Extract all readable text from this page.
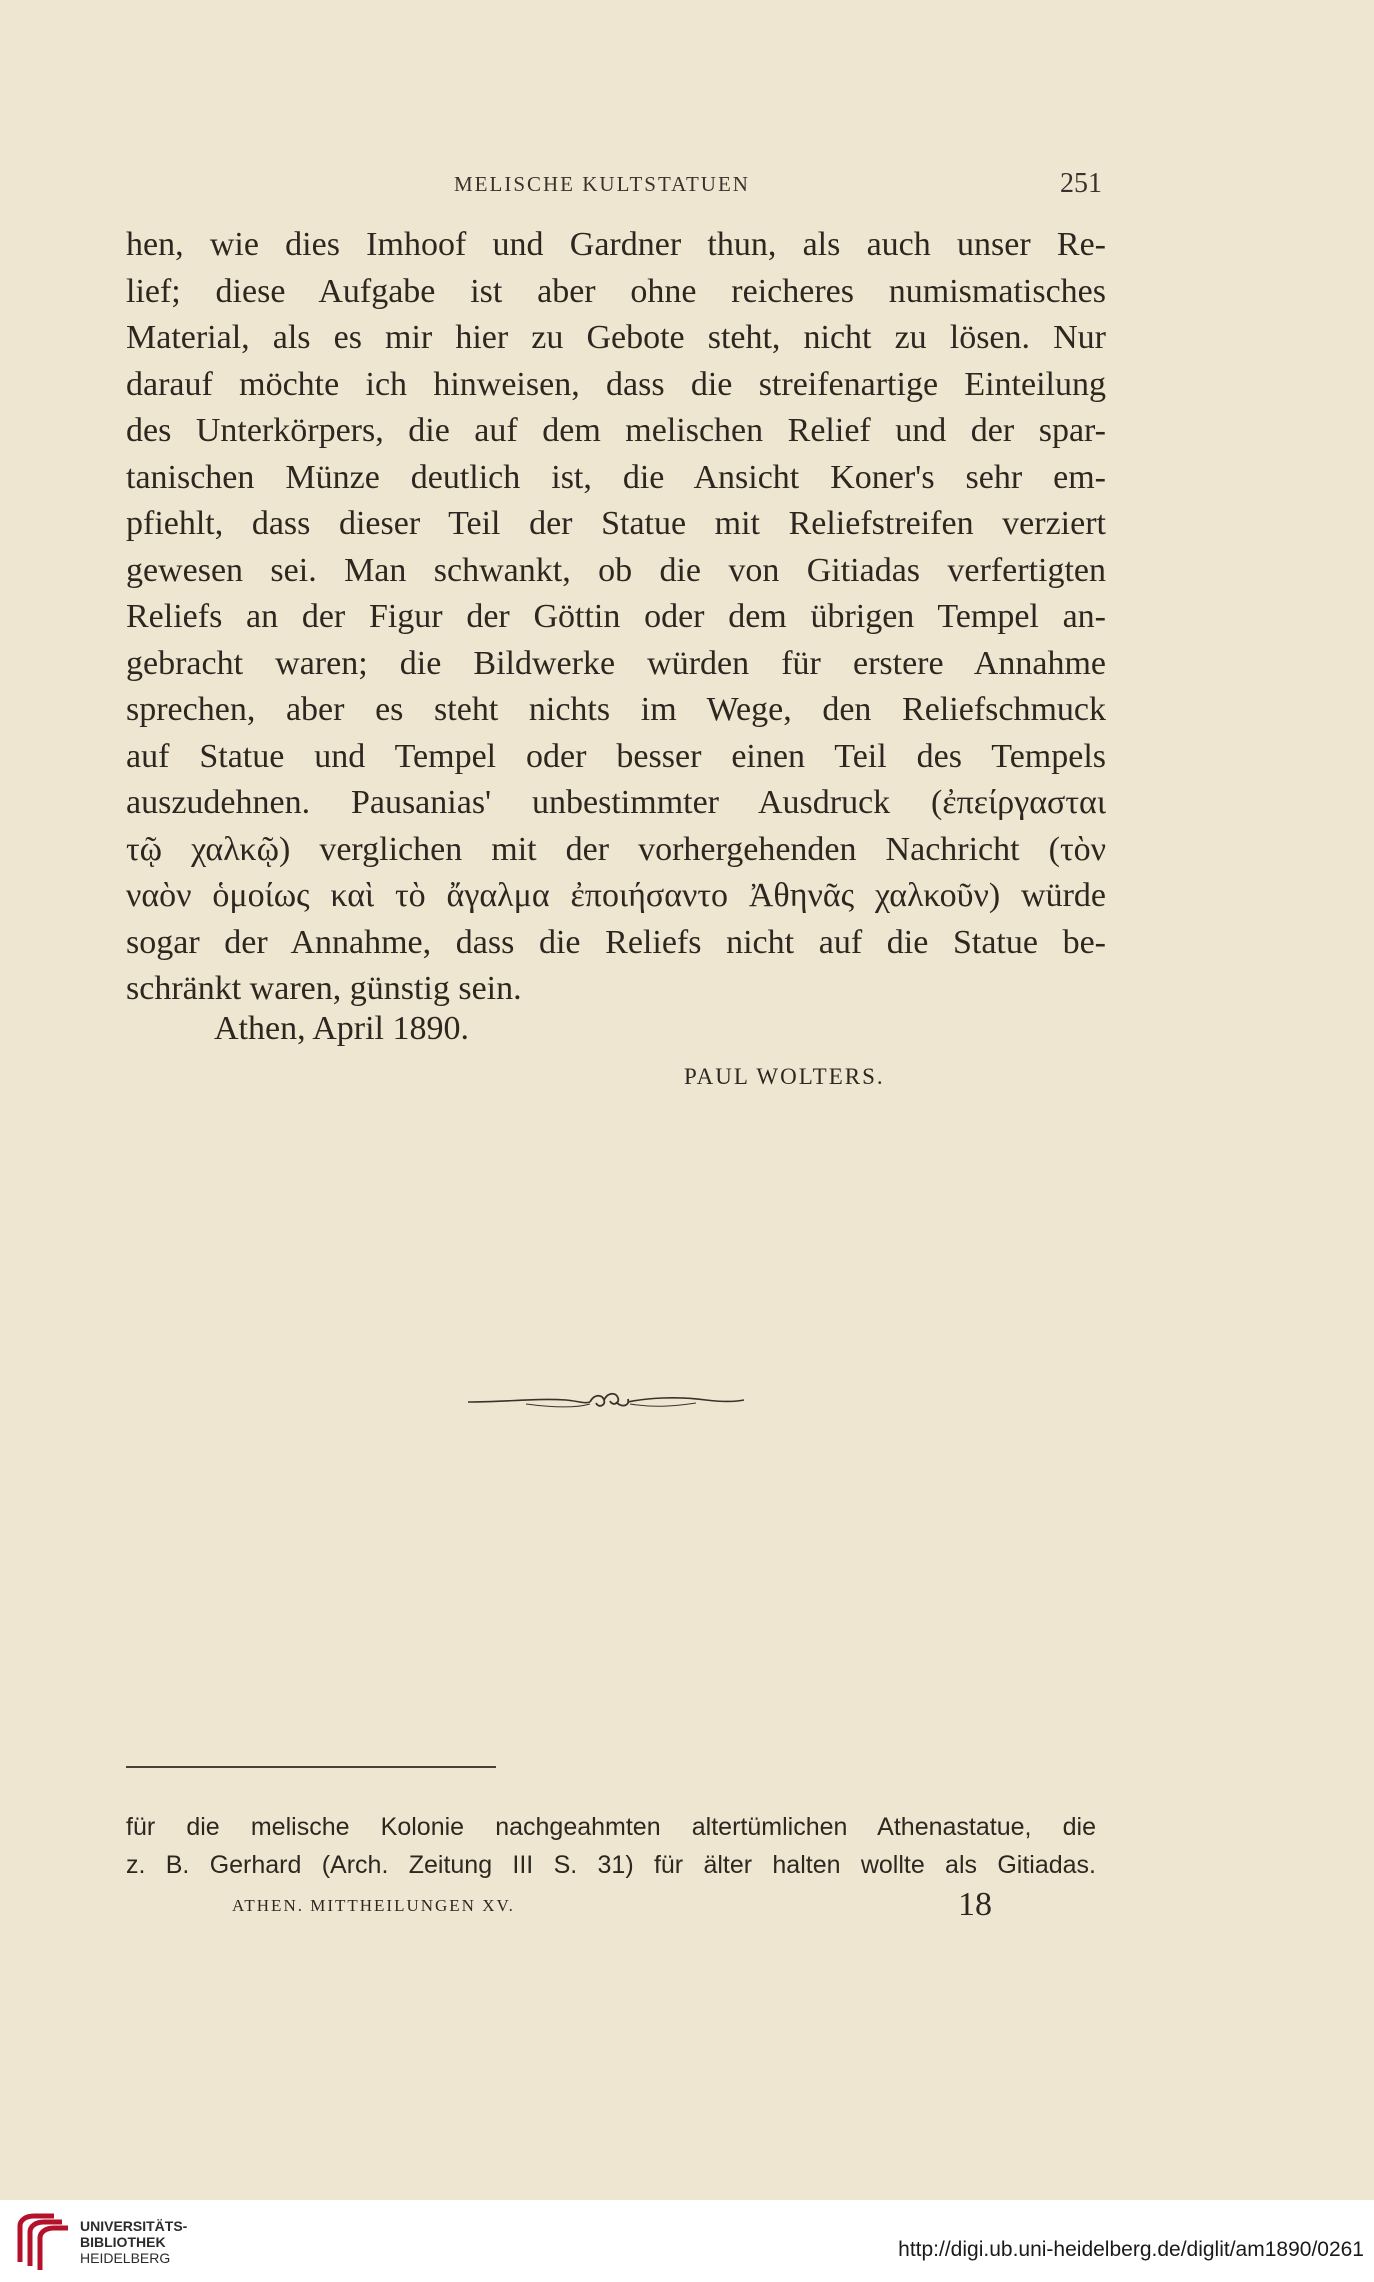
MELISCHE KULTSTATUEN	251
hen, wie dies Imhoof und Gardner thun, als auch unser Re-
lief; diese Aufgabe ist aber ohne reicheres numismatisches
Material, als es mir hier zu Gebote steht, nicht zu lösen. Nur
darauf möchte ich hinweisen, dass die streifenartige Einteilung
des Unterkörpers, die auf dem melischen Relief und der spar-
tanischen Münze deutlich ist, die Ansicht Koner's sehr em-
pfiehlt, dass dieser Teil der Statue mit Reliefstreifen verziert
gewesen sei. Man schwankt, ob die von Gitiadas verfertigten
Reliefs an der Figur der Göttin oder dem übrigen Tempel an-
gebracht waren; die Bildwerke würden für erstere Annahme
sprechen, aber es steht nichts im Wege, den Reliefschmuck
auf Statue und Tempel oder besser einen Teil des Tempels
auszudehnen. Pausanias' unbestimmter Ausdruck (ἐπείργασται
τῷ χαλκῷ) verglichen mit der vorhergehenden Nachricht (τὸν
ναὸν ὁμοίως καὶ τὸ ἄγαλμα ἐποιήσαντο Ἀθηνᾶς χαλκοῦν) würde
sogar der Annahme, dass die Reliefs nicht auf die Statue be-
schränkt waren, günstig sein.
Athen, April 1890.
PAUL WOLTERS.
für die melische Kolonie nachgeahmten altertümlichen Athenastatue, die
z. B. Gerhard (Arch. Zeitung III S. 31) für älter halten wollte als Gitiadas.
ATHEN. MITTHEILUNGEN XV.	18
UNIVERSITÄTS-
BIBLIOTHEK
HEIDELBERG	http://digi.ub.uni-heidelberg.de/diglit/am1890/0261
